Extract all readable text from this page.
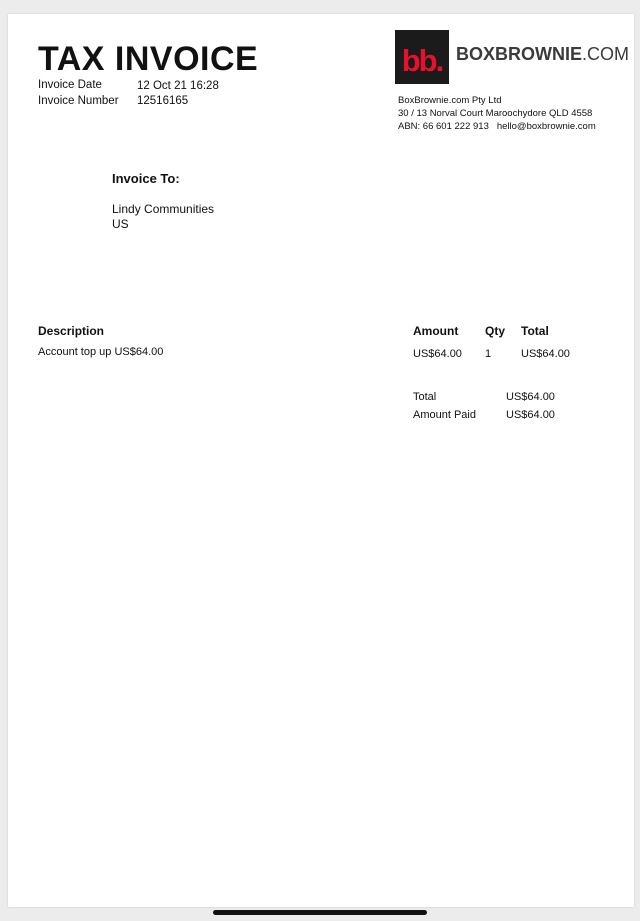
TAX INVOICE
Invoice Date	12 Oct 21 16:28
Invoice Number 12516165
bb. BOXBROWNIE.COM
BoxBrownie.com Pty Ltd
30 / 13 Norval Court Maroochydore QLD 4558
ABN: 66 601 222 913 hello@boxbrownie.com
Invoice To:
Lindy Communities
US
Description	Amount Qty Total
Account top up US$64.00	US$64.00 1	US$64.00
Total	US$64.00
Amount Paid	US$64.00
